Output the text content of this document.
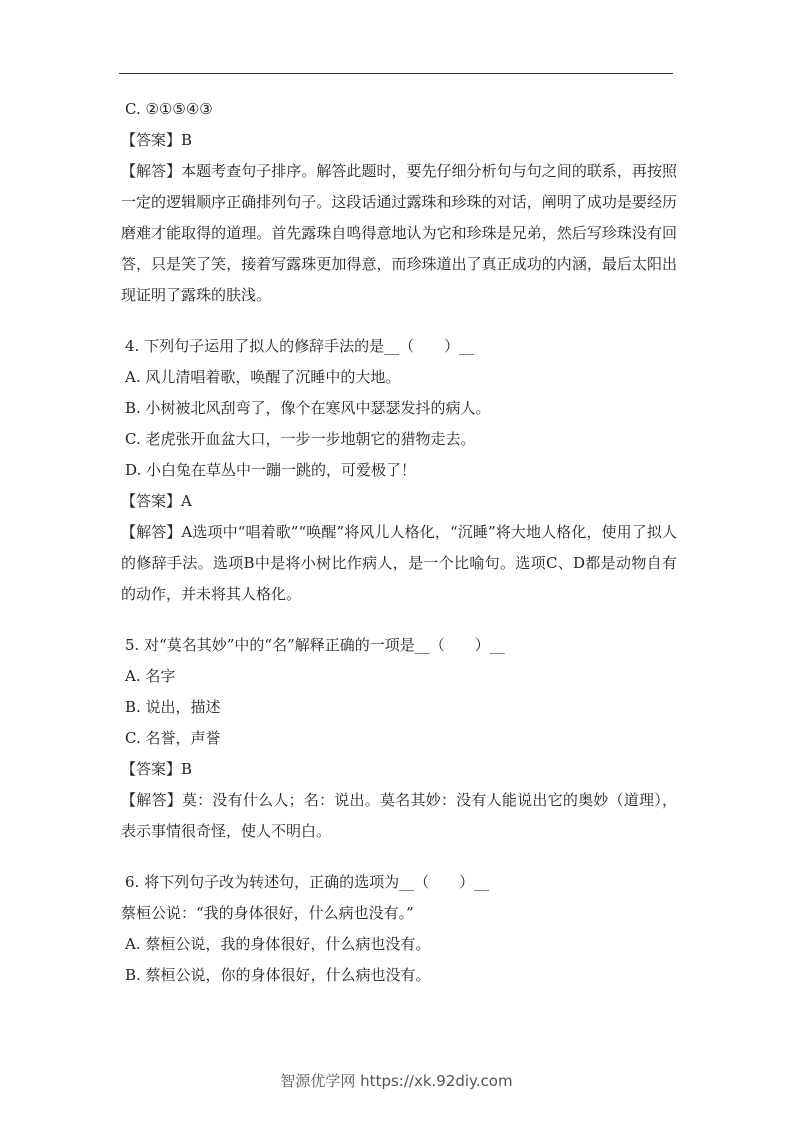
C. ②①⑤④③
【答案】B
【解答】本题考查句子排序。解答此题时，要先仔细分析句与句之间的联系，再按照一定的逻辑顺序正确排列句子。这段话通过露珠和珍珠的对话，阐明了成功是要经历磨难才能取得的道理。首先露珠自鸣得意地认为它和珍珠是兄弟，然后写珍珠没有回答，只是笑了笑，接着写露珠更加得意，而珍珠道出了真正成功的内涵，最后太阳出现证明了露珠的肤浅。
4. 下列句子运用了拟人的修辞手法的是__（　　）__
A. 风儿清唱着歌，唤醒了沉睡中的大地。
B. 小树被北风刮弯了，像个在寒风中瑟瑟发抖的病人。
C. 老虎张开血盆大口，一步一步地朝它的猎物走去。
D. 小白兔在草丛中一蹦一跳的，可爱极了！
【答案】A
【解答】A选项中“唱着歌”“唤醒”将风儿人格化，“沉睡”将大地人格化，使用了拟人的修辞手法。选项B中是将小树比作病人，是一个比喻句。选项C、D都是动物自有的动作，并未将其人格化。
5. 对“莫名其妙”中的“名”解释正确的一项是__（　　）__
A. 名字
B. 说出，描述
C. 名誉，声誉
【答案】B
【解答】莫：没有什么人；名：说出。莫名其妙：没有人能说出它的奥妙（道理），表示事情很奇怪，使人不明白。
6. 将下列句子改为转述句，正确的选项为__（　　）__
蔡桓公说：“我的身体很好，什么病也没有。”
A. 蔡桓公说，我的身体很好，什么病也没有。
B. 蔡桓公说，你的身体很好，什么病也没有。
智源优学网 https://xk.92diy.com
